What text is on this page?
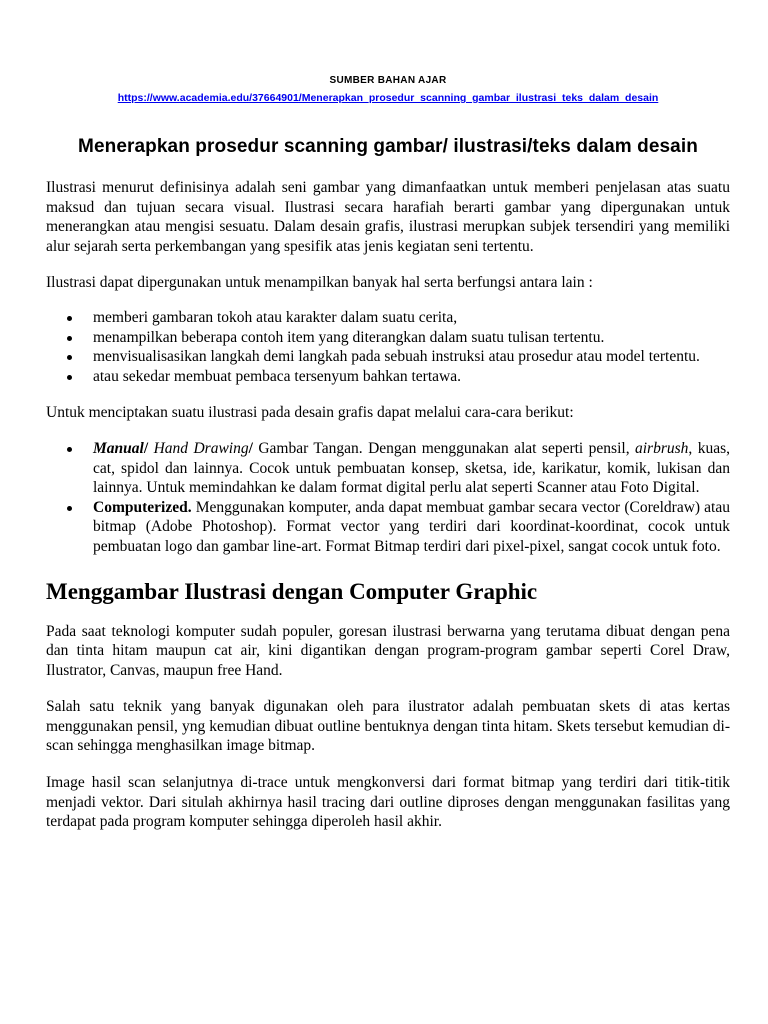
SUMBER BAHAN AJAR
https://www.academia.edu/37664901/Menerapkan_prosedur_scanning_gambar_ilustrasi_teks_dalam_desain
Menerapkan prosedur scanning gambar/ ilustrasi/teks dalam desain

Ilustrasi menurut definisinya adalah seni gambar yang dimanfaatkan untuk memberi penjelasan atas suatu maksud dan tujuan secara visual. Ilustrasi secara harafiah berarti gambar yang dipergunakan untuk menerangkan atau mengisi sesuatu. Dalam desain grafis, ilustrasi merupkan subjek tersendiri yang memiliki alur sejarah serta perkembangan yang spesifik atas jenis kegiatan seni tertentu.

Ilustrasi dapat dipergunakan untuk menampilkan banyak hal serta berfungsi antara lain :

memberi gambaran tokoh atau karakter dalam suatu cerita,
menampilkan beberapa contoh item yang diterangkan dalam suatu tulisan tertentu.
menvisualisasikan langkah demi langkah pada sebuah instruksi atau prosedur atau model tertentu.
atau sekedar membuat pembaca tersenyum bahkan tertawa.

Untuk menciptakan suatu ilustrasi pada desain grafis dapat melalui cara-cara berikut:

Manual/ Hand Drawing/ Gambar Tangan. Dengan menggunakan alat seperti pensil, airbrush, kuas, cat, spidol dan lainnya. Cocok untuk pembuatan konsep, sketsa, ide, karikatur, komik, lukisan dan lainnya. Untuk memindahkan ke dalam format digital perlu alat seperti Scanner atau Foto Digital.
Computerized. Menggunakan komputer, anda dapat membuat gambar secara vector (Coreldraw) atau bitmap (Adobe Photoshop). Format vector yang terdiri dari koordinat-koordinat, cocok untuk pembuatan logo dan gambar line-art. Format Bitmap terdiri dari pixel-pixel, sangat cocok untuk foto.
Menggambar Ilustrasi dengan Computer Graphic

Pada saat teknologi komputer sudah populer, goresan ilustrasi berwarna yang terutama dibuat dengan pena dan tinta hitam maupun cat air, kini digantikan dengan program-program gambar seperti Corel Draw, Ilustrator, Canvas, maupun free Hand.

Salah satu teknik yang banyak digunakan oleh para ilustrator adalah pembuatan skets di atas kertas menggunakan pensil, yng kemudian dibuat outline bentuknya dengan tinta hitam. Skets tersebut kemudian di-scan sehingga menghasilkan image bitmap.

Image hasil scan selanjutnya di-trace untuk mengkonversi dari format bitmap yang terdiri dari titik-titik menjadi vektor. Dari situlah akhirnya hasil tracing dari outline diproses dengan menggunakan fasilitas yang terdapat pada program komputer sehingga diperoleh hasil akhir.
